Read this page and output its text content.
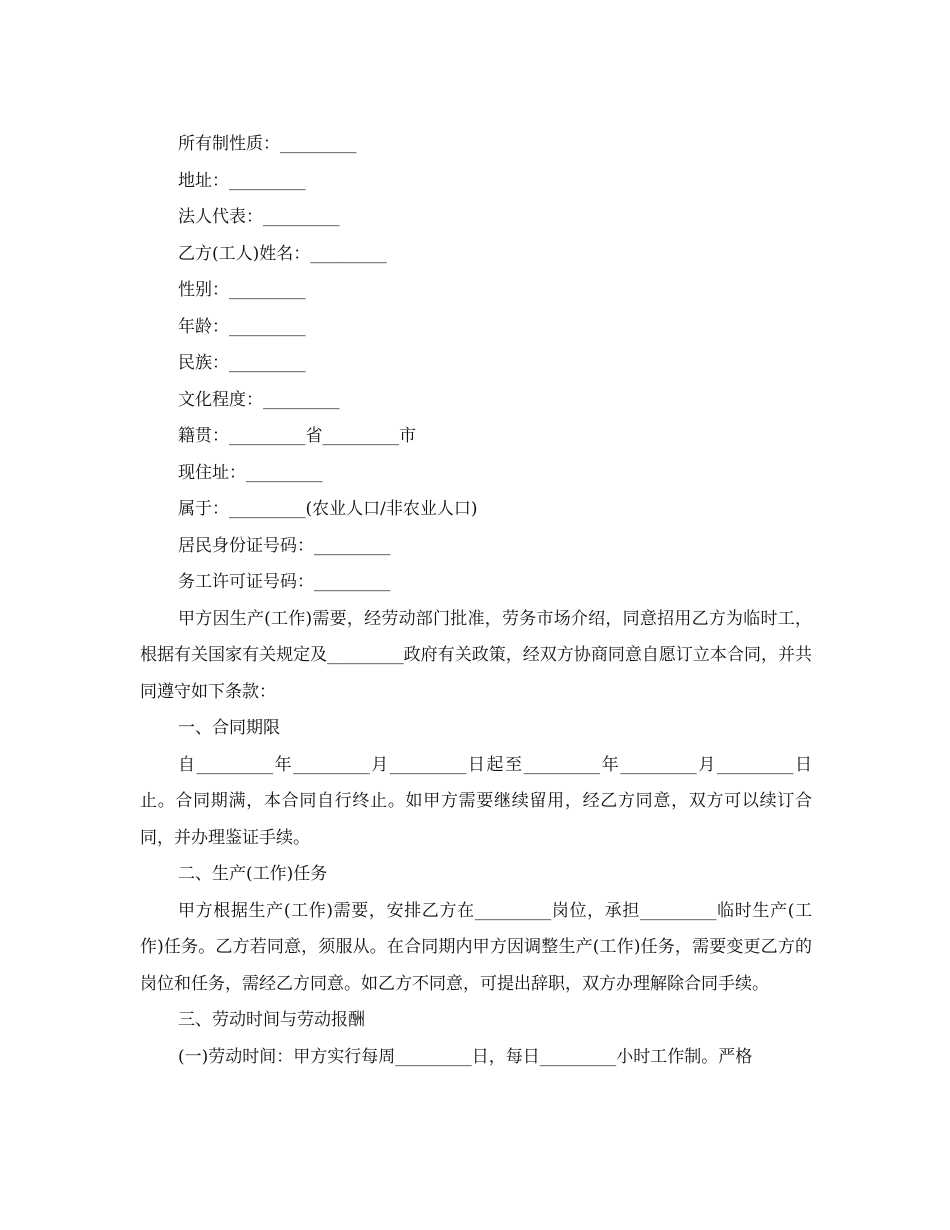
所有制性质：_________
地址：_________
法人代表：_________
乙方(工人)姓名：_________
性别：_________
年龄：_________
民族：_________
文化程度：_________
籍贯：_________省_________市
现住址：_________
属于：_________(农业人口/非农业人口)
居民身份证号码：_________
务工许可证号码：_________

甲方因生产(工作)需要，经劳动部门批准，劳务市场介绍，同意招用乙方为临时工，根据有关国家有关规定及_________政府有关政策，经双方协商同意自愿订立本合同，并共同遵守如下条款：

一、合同期限

自_________年_________月_________日起至_________年_________月_________日止。合同期满，本合同自行终止。如甲方需要继续留用，经乙方同意，双方可以续订合同，并办理鉴证手续。

二、生产(工作)任务

甲方根据生产(工作)需要，安排乙方在_________岗位，承担_________临时生产(工作)任务。乙方若同意，须服从。在合同期内甲方因调整生产(工作)任务，需要变更乙方的岗位和任务，需经乙方同意。如乙方不同意，可提出辞职，双方办理解除合同手续。

三、劳动时间与劳动报酬

(一)劳动时间：甲方实行每周_________日，每日_________小时工作制。严格
